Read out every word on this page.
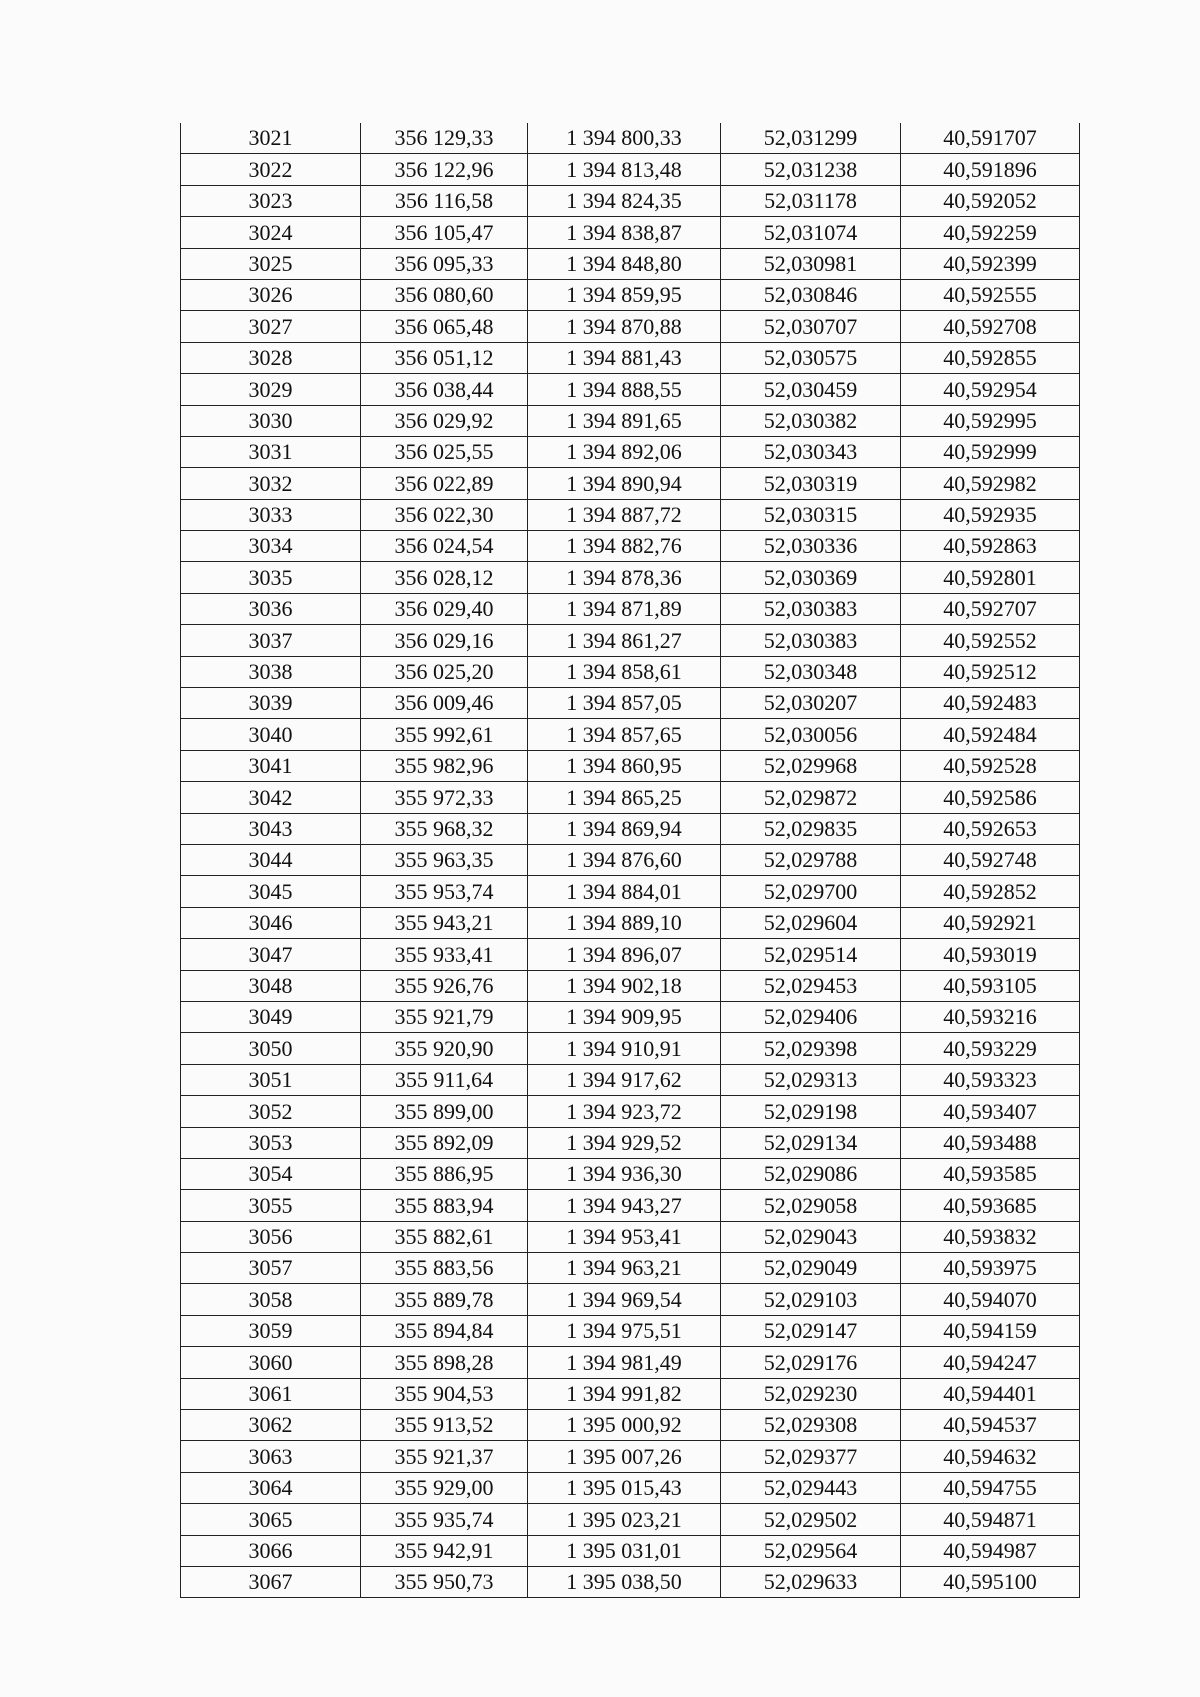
3021	356 129,33	1 394 800,33	52,031299	40,591707
3022	356 122,96	1 394 813,48	52,031238	40,591896
3023	356 116,58	1 394 824,35	52,031178	40,592052
3024	356 105,47	1 394 838,87	52,031074	40,592259
3025	356 095,33	1 394 848,80	52,030981	40,592399
3026	356 080,60	1 394 859,95	52,030846	40,592555
3027	356 065,48	1 394 870,88	52,030707	40,592708
3028	356 051,12	1 394 881,43	52,030575	40,592855
3029	356 038,44	1 394 888,55	52,030459	40,592954
3030	356 029,92	1 394 891,65	52,030382	40,592995
3031	356 025,55	1 394 892,06	52,030343	40,592999
3032	356 022,89	1 394 890,94	52,030319	40,592982
3033	356 022,30	1 394 887,72	52,030315	40,592935
3034	356 024,54	1 394 882,76	52,030336	40,592863
3035	356 028,12	1 394 878,36	52,030369	40,592801
3036	356 029,40	1 394 871,89	52,030383	40,592707
3037	356 029,16	1 394 861,27	52,030383	40,592552
3038	356 025,20	1 394 858,61	52,030348	40,592512
3039	356 009,46	1 394 857,05	52,030207	40,592483
3040	355 992,61	1 394 857,65	52,030056	40,592484
3041	355 982,96	1 394 860,95	52,029968	40,592528
3042	355 972,33	1 394 865,25	52,029872	40,592586
3043	355 968,32	1 394 869,94	52,029835	40,592653
3044	355 963,35	1 394 876,60	52,029788	40,592748
3045	355 953,74	1 394 884,01	52,029700	40,592852
3046	355 943,21	1 394 889,10	52,029604	40,592921
3047	355 933,41	1 394 896,07	52,029514	40,593019
3048	355 926,76	1 394 902,18	52,029453	40,593105
3049	355 921,79	1 394 909,95	52,029406	40,593216
3050	355 920,90	1 394 910,91	52,029398	40,593229
3051	355 911,64	1 394 917,62	52,029313	40,593323
3052	355 899,00	1 394 923,72	52,029198	40,593407
3053	355 892,09	1 394 929,52	52,029134	40,593488
3054	355 886,95	1 394 936,30	52,029086	40,593585
3055	355 883,94	1 394 943,27	52,029058	40,593685
3056	355 882,61	1 394 953,41	52,029043	40,593832
3057	355 883,56	1 394 963,21	52,029049	40,593975
3058	355 889,78	1 394 969,54	52,029103	40,594070
3059	355 894,84	1 394 975,51	52,029147	40,594159
3060	355 898,28	1 394 981,49	52,029176	40,594247
3061	355 904,53	1 394 991,82	52,029230	40,594401
3062	355 913,52	1 395 000,92	52,029308	40,594537
3063	355 921,37	1 395 007,26	52,029377	40,594632
3064	355 929,00	1 395 015,43	52,029443	40,594755
3065	355 935,74	1 395 023,21	52,029502	40,594871
3066	355 942,91	1 395 031,01	52,029564	40,594987
3067	355 950,73	1 395 038,50	52,029633	40,595100
